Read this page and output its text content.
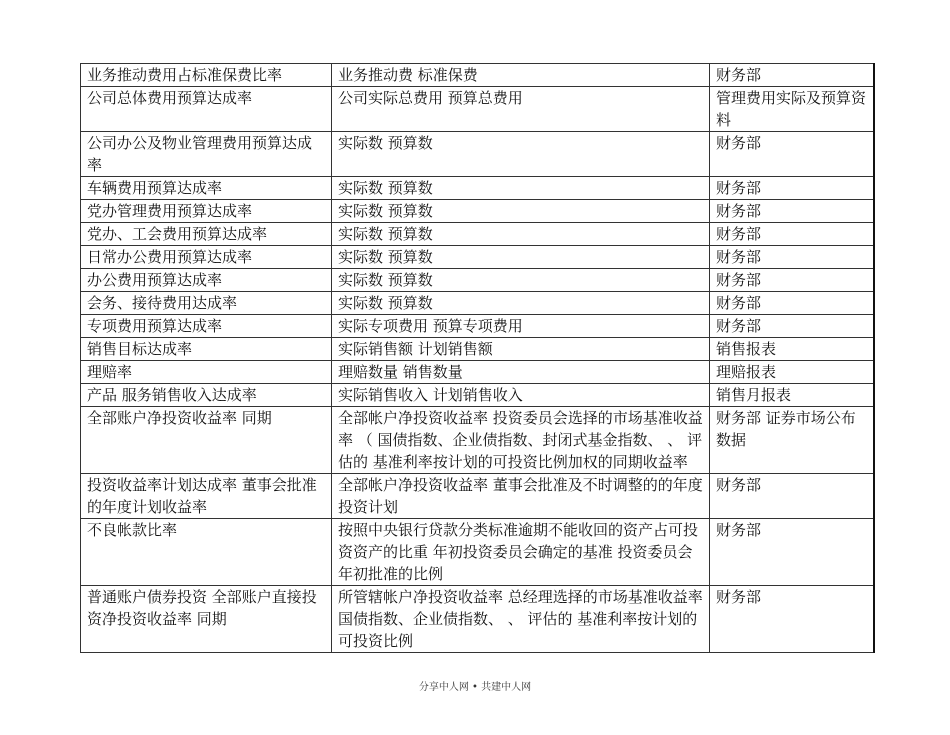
业务推动费用占标准保费比率	业务推动费 标准保费	财务部
公司总体费用预算达成率	公司实际总费用 预算总费用	管理费用实际及预算资料
公司办公及物业管理费用预算达成率	实际数 预算数	财务部
车辆费用预算达成率	实际数 预算数	财务部
党办管理费用预算达成率	实际数 预算数	财务部
党办、工会费用预算达成率	实际数 预算数	财务部
日常办公费用预算达成率	实际数 预算数	财务部
办公费用预算达成率	实际数 预算数	财务部
会务、接待费用达成率	实际数 预算数	财务部
专项费用预算达成率	实际专项费用 预算专项费用	财务部
销售目标达成率	实际销售额 计划销售额	销售报表
理赔率	理赔数量 销售数量	理赔报表
产品 服务销售收入达成率	实际销售收入 计划销售收入	销售月报表
全部账户净投资收益率 同期	全部帐户净投资收益率 投资委员会选择的市场基准收益率 （ 国债指数、企业债指数、封闭式基金指数、 、 评估的 基准利率按计划的可投资比例加权的同期收益率	财务部 证券市场公布数据
投资收益率计划达成率 董事会批准的年度计划收益率	全部帐户净投资收益率 董事会批准及不时调整的的年度投资计划	财务部
不良帐款比率	按照中央银行贷款分类标准逾期不能收回的资产占可投资资产的比重 年初投资委员会确定的基准 投资委员会年初批准的比例	财务部
普通账户债券投资 全部账户直接投资净投资收益率 同期	所管辖帐户净投资收益率 总经理选择的市场基准收益率 国债指数、企业债指数、 、 评估的 基准利率按计划的可投资比例	财务部
分享中人网 • 共建中人网
